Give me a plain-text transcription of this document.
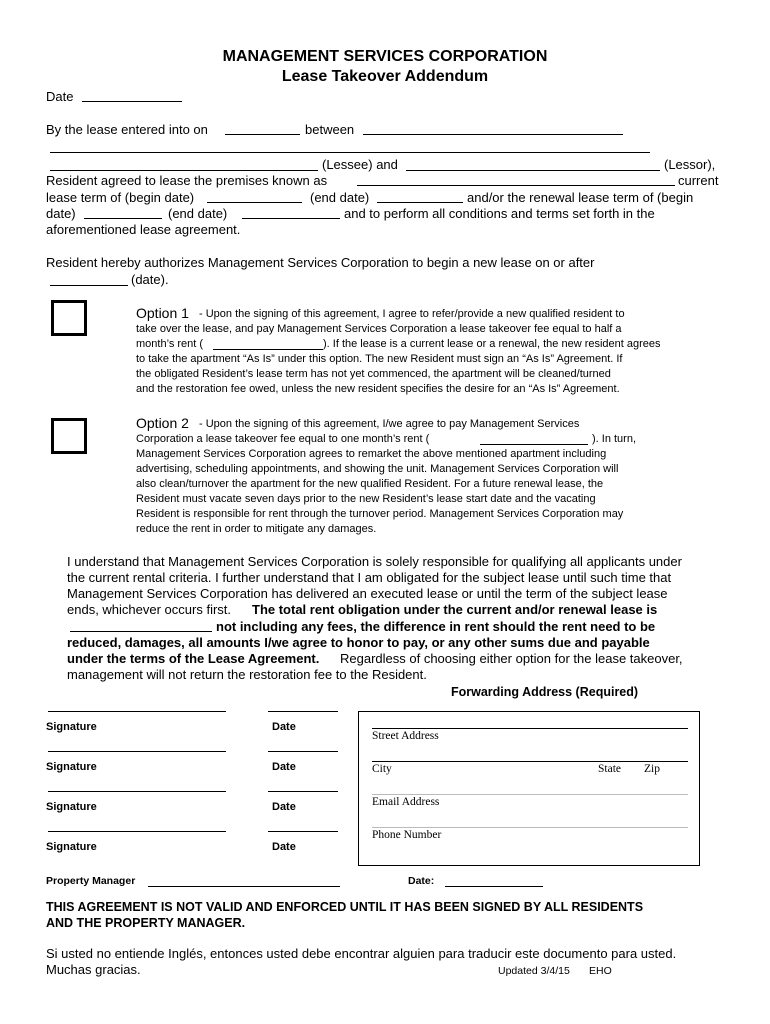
MANAGEMENT SERVICES CORPORATION
Lease Takeover Addendum
Date
By the lease entered into on	between
(Lessee) and	(Lessor),
Resident agreed to lease the premises known as	current
lease term of (begin date)	(end date)	and/or the renewal lease term of (begin
date)	(end date)	and to perform all conditions and terms set forth in the
aforementioned lease agreement.
Resident hereby authorizes Management Services Corporation to begin a new lease on or after
(date).
Option 1 - Upon the signing of this agreement, I agree to refer/provide a new qualified resident to
take over the lease, and pay Management Services Corporation a lease takeover fee equal to half a
month’s rent (	). If the lease is a current lease or a renewal, the new resident agrees
to take the apartment “As Is” under this option. The new Resident must sign an “As Is” Agreement. If
the obligated Resident’s lease term has not yet commenced, the apartment will be cleaned/turned
and the restoration fee owed, unless the new resident specifies the desire for an “As Is” Agreement.
Option 2 - Upon the signing of this agreement, I/we agree to pay Management Services
Corporation a lease takeover fee equal to one month’s rent (	). In turn,
Management Services Corporation agrees to remarket the above mentioned apartment including
advertising, scheduling appointments, and showing the unit. Management Services Corporation will
also clean/turnover the apartment for the new qualified Resident. For a future renewal lease, the
Resident must vacate seven days prior to the new Resident’s lease start date and the vacating
Resident is responsible for rent through the turnover period. Management Services Corporation may
reduce the rent in order to mitigate any damages.
I understand that Management Services Corporation is solely responsible for qualifying all applicants under
the current rental criteria. I further understand that I am obligated for the subject lease until such time that
Management Services Corporation has delivered an executed lease or until the term of the subject lease
ends, whichever occurs first. The total rent obligation under the current and/or renewal lease is
not including any fees, the difference in rent should the rent need to be
reduced, damages, all amounts I/we agree to honor to pay, or any other sums due and payable
under the terms of the Lease Agreement. Regardless of choosing either option for the lease takeover,
management will not return the restoration fee to the Resident.
Forwarding Address (Required)
Street Address
City	State Zip
Email Address
Phone Number
Signature	Date
Signature	Date
Signature	Date
Signature	Date
Property Manager	Date:
THIS AGREEMENT IS NOT VALID AND ENFORCED UNTIL IT HAS BEEN SIGNED BY ALL RESIDENTS
AND THE PROPERTY MANAGER.
Si usted no entiende Inglés, entonces usted debe encontrar alguien para traducir este documento para usted.
Muchas gracias.	Updated 3/4/15 EHO
